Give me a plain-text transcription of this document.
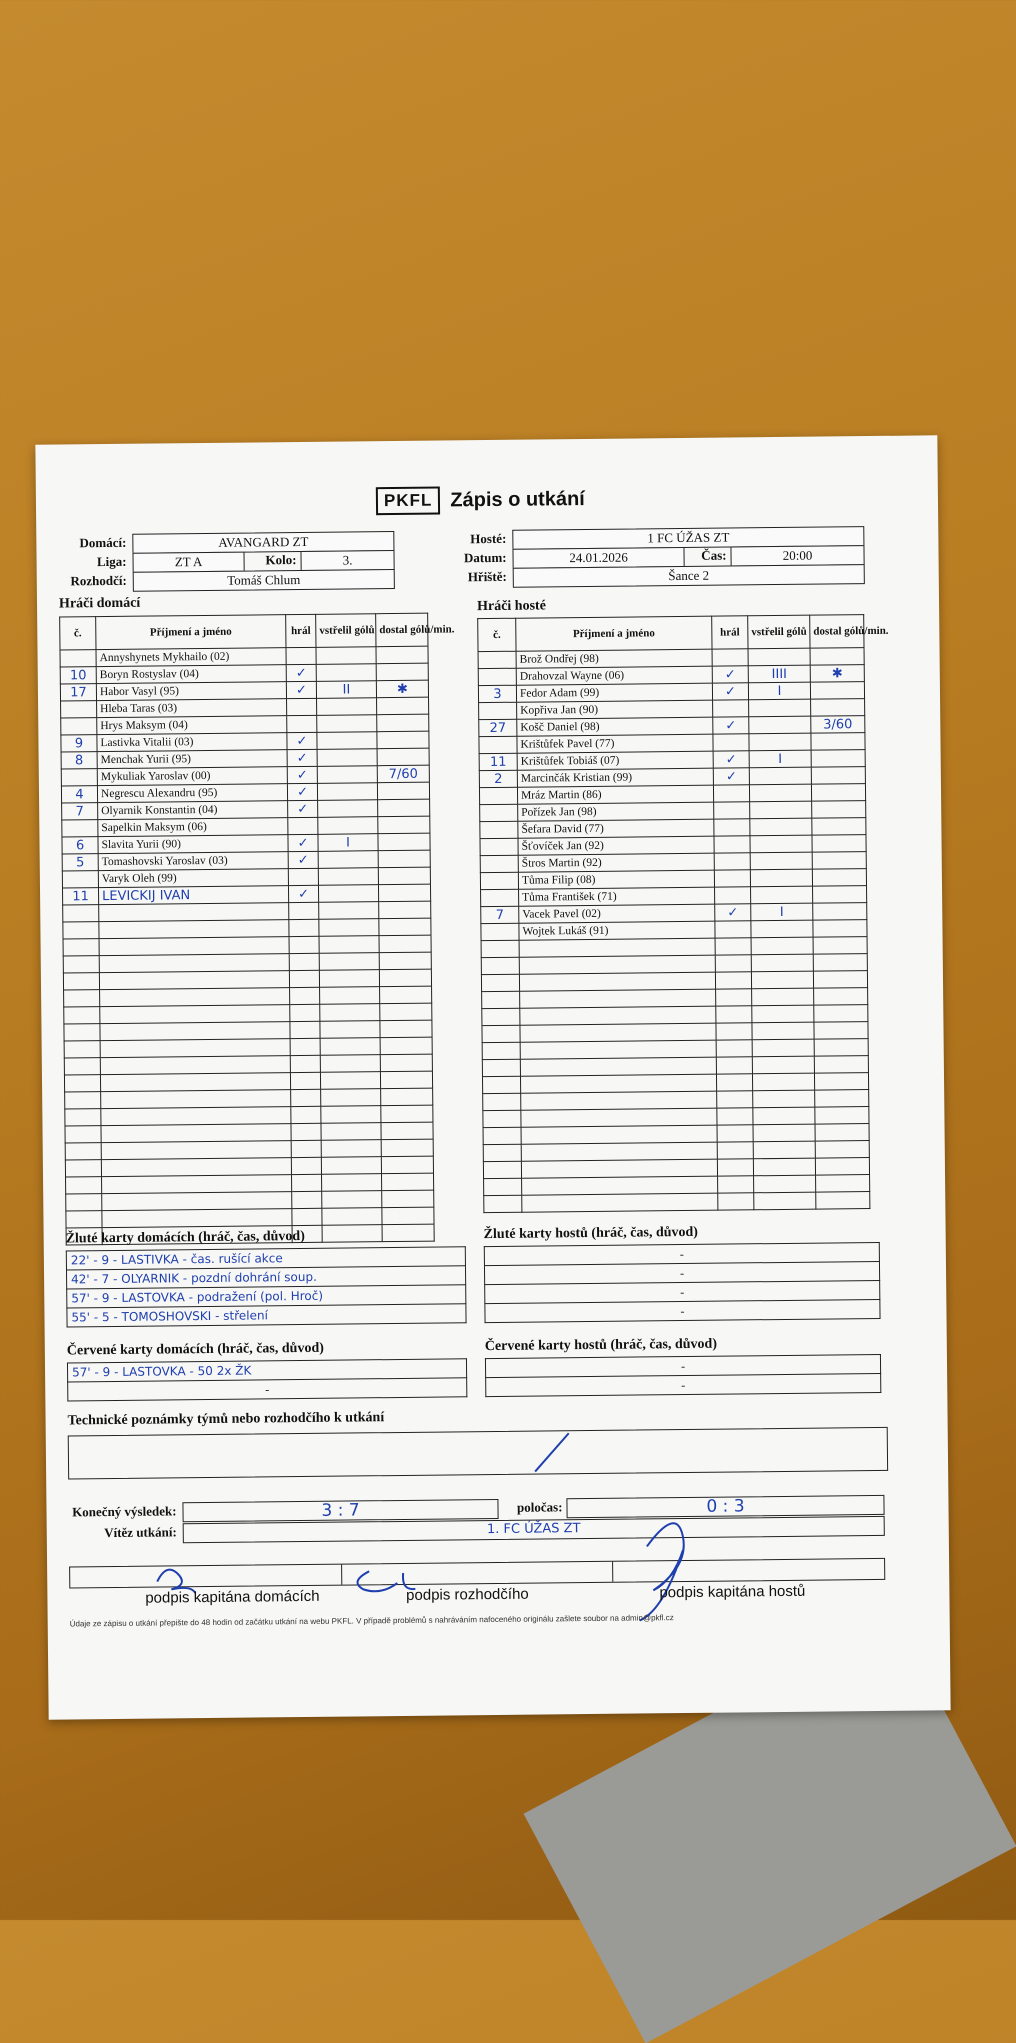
PKFL Zápis o utkání
Domácí:	AVANGARD ZT
Liga:	ZT A	Kolo:	3.
Rozhodčí:	Tomáš Chlum
Hosté:	1 FC ÚŽAS ZT
Datum:	24.01.2026	Čas:	20:00
Hřiště:	Šance 2
Hráči domácí
č.	Příjmení a jméno	hrál	vstřelil gólů	dostal gólů/min.
	Annyshynets Mykhailo (02)			
10	Boryn Rostyslav (04)	✓		
17	Habor Vasyl (95)	✓	II	✱
	Hleba Taras (03)			
	Hrys Maksym (04)			
9	Lastivka Vitalii (03)	✓		
8	Menchak Yurii (95)	✓		
	Mykuliak Yaroslav (00)	✓		7/60
4	Negrescu Alexandru (95)	✓		
7	Olyarnik Konstantin (04)	✓		
	Sapelkin Maksym (06)			
6	Slavita Yurii (90)	✓	I	
5	Tomashovski Yaroslav (03)	✓		
	Varyk Oleh (99)			
11	LEVICKIJ IVAN	✓		

Hráči hosté
č.	Příjmení a jméno	hrál	vstřelil gólů	dostal gólů/min.
	Brož Ondřej (98)			
	Drahovzal Wayne (06)	✓	IIII	✱
3	Fedor Adam (99)	✓	I	
	Kopřiva Jan (90)			
27	Košč Daniel (98)	✓		3/60
	Krištůfek Pavel (77)			
11	Krištůfek Tobiáš (07)	✓	I	
2	Marcinčák Kristian (99)	✓		
	Mráz Martin (86)			
	Pořízek Jan (98)			
	Šefara David (77)			
	Šťovíček Jan (92)			
	Štros Martin (92)			
	Tůma Filip (08)			
	Tůma František (71)			
7	Vacek Pavel (02)	✓	I	
	Wojtek Lukáš (91)			

Žluté karty domácích (hráč, čas, důvod)
22' - 9 - LASTIVKA - čas. rušící akce
42' - 7 - OLYARNIK - pozdní dohrání soup.
57' - 9 - LASTOVKA - podražení (pol. Hroč)
55' - 5 - TOMOSHOVSKI - střelení
Žluté karty hostů (hráč, čas, důvod)
-
-
-
-
Červené karty domácích (hráč, čas, důvod)
57' - 9 - LASTOVKA - 50 2x ŽK
-
Červené karty hostů (hráč, čas, důvod)
-
-
Technické poznámky týmů nebo rozhodčího k utkání
Konečný výsledek:	3 : 7	poločas:	0 : 3
Vítěz utkání:	1. FC ÚŽAS ZT
podpis kapitána domácích	podpis rozhodčího	podpis kapitána hostů
Údaje ze zápisu o utkání přepište do 48 hodin od začátku utkání na webu PKFL. V případě problémů s nahráváním nafoceného originálu zašlete soubor na admin@pkfl.cz
